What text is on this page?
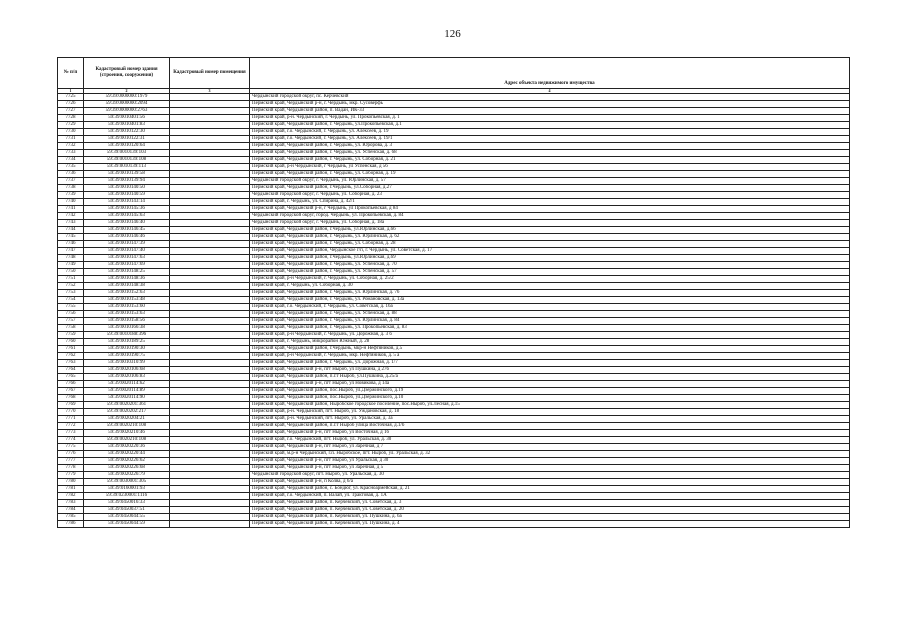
126
№ п/п	Кадастровый номер здания (строения, сооружения)	Кадастровый номер помещения	Адрес объекта недвижимого имущества
1	2	3	4
7725	59:39:0000000:1979		Чердынский городской округ, пс. Керчевский
7726	59:39:0000000:2094		Пермский край, Чердынский р-н, г. Чердынь, мкр. Сусоверфь
7727	59:39:0000000:2763		Пермский край, Чердынский район, п. Вадан, ИК-33
7728	59:39:0010401:56		Пермский край, р-н. Чердынский, г. Чердынь, ул. Прокопьевская, д. 1
7729	59:39:0010401:83		Пермский край, Чердынский район, г. Чердынь, ул.Прокопьевская, д.1
7730	59:39:0010122:30		Пермский край, г.о. Чердынский, г. Чердынь, ул. Алексеев, д. 19
7731	59:39:0010122:31		Пермский край, г.о. Чердынский, г. Чердынь, ул. Алексеев, д. 19/1
7732	59:39:0010120:64		Пермский край, Чердынский район, г. Чердынь, ул. Юророва, д. 3
7733	59:39:0010139:103		Пермский край, Чердынский район, г. Чердынь, ул. Успенская, д. 68
7734	59:39:0010139:108		Пермский край, Чердынский район, г. Чердынь, ул. Соборная, д. 21
7735	59:39:0010139:113		Пермский край, р-н Чердынский, г Чердынь, ул Успенская, д 56
7736	59:39:0010139:58		Пермский край, Чердынский район, г. Чердынь, ул. Соборная, д. 19
7737	59:39:0010139:94		Чердынский городской округ, г. Чердынь, ул. Юрлинская, д. 57
7738	59:39:0010140:50		Пермский край, Чердынский район, г.Чердынь, ул.Соборная, д.27
7739	59:39:0010140:59		Чердынский городской округ, г. Чердынь, ул. Соборная, д. 23
7740	59:39:0010143:14		Пермский край, г. Чердынь, ул. Спирина, д. 42/1
7741	59:39:0010145:36		Пермский край, Чердынский р-н, г Чердынь, ул Прокопьевская, д 84
7742	59:39:0010145:63		Чердынский городской округ, город. Чердынь, ул. Прокопьевская, д. 84
7743	59:39:0010146:40		Чердынский городской округ, г. Чердынь, ул. Соборная, д. 18а
7744	59:39:0010146:45		Пермский край, Чердынский район, г.Чердынь, ул.Юрлинская, д.66
7745	59:39:0010146:46		Пермский край, Чердынский район, г. Чердынь, ул. Юрлинская, д. 62
7746	59:39:0010147:39		Пермский край, Чердынский район, г. Чердынь, ул. Соборная, д. 28
7747	59:39:0010147:40		Пермский край, Чердынский район, Чердынское г/п, г. Чердынь, ул. Советская, д. 17
7748	59:39:0010147:63		Пермский край, Чердынский район, г.Чердынь, ул.Юрлинская, д.69
7749	59:39:0010147:69		Пермский край, Чердынский район, г. Чердынь, ул. Успенская, д. 70
7750	59:39:0010148:25		Пермский край, Чердынский район, г. Чердынь, ул. Успенская, д. 57
7751	59:39:0010148:36		Пермский край, р-н Чердынский, г. Чердынь, ул. Соборная, д. 25/2
7752	59:39:0010148:38		Пермский край, г. Чердынь, ул. Соборная, д. 30
7753	59:39:0010152:63		Пермский край, Чердынский район, г. Чердынь, ул. Юрлинская, д. 76
7754	59:39:0010153:48		Пермский край, Чердынский район, г. Чердынь, ул. Романовская, д. 13а
7755	59:39:0010153:60		Пермский край, г.о. Чердынский, г. Чердынь, ул. Советская, д. 16а
7756	59:39:0010153:63		Пермский край, Чердынский район, г. Чердынь, ул. Успенская, д. 88
7757	59:39:0010158:56		Пермский край, Чердынский район, г. Чердынь, ул. Юрлинская, д. 84
7758	59:39:0010166:38		Пермский край, Чердынский район, г. Чердынь, ул. Прокопьевская, д. 83
7759	59:39:0010188:396		Пермский край, р-н Чердынский, г. Чердынь, ул. Дорожная, д. 3 б
7760	59:39:0010189:25		Пермский край, г. Чердынь, микрорайон Южный, д. 28
7761	59:39:0010190:30		Пермский край, Чердынский район, г.Чердынь, мкр-н Нефтяников, д.5
7762	59:39:0010190:75		Пермский край, р-н Чердынский, г. Чердынь, мкр. Нефтяников, д. 5 а
7763	59:39:0010310:99		Пермский край, Чердынский район, г. Чердынь, ул. Дорожная, д. 1/7
7764	59:39:0020106:68		Пермский край, Чердынский р-н, пгт Ныроб, ул Пушкина, д 27б
7765	59:39:0020106:83		Пермский край, Чердынский район, п.г.т Ныроб, ул.Пушкина, д.25/а
7766	59:39:0020114:62		Пермский край, Чердынский р-н, пгт Ныроб, ул Новикова, д 14а
7767	59:39:0020114:89		Пермский край, Чердынский район, пос.Ныроб, ул.Дзержинского, д.19
7768	59:39:0020114:90		Пермский край, Чердынский район, пос.Ныроб, ул.Дзержинского, д.10
7769	59:39:0020201:361		Пермский край, Чердынский район, Ныробское городское поселение, пос.Ныроб, ул.Лесная, д.15
7770	59:39:0020202:217		Пермский край, р-н. Чердынский, пгт. Ныроб, ул. Уждановская, д. 18
7771	59:39:0020204:21		Пермский край, р-н. Чердынский, пгт. Ныроб, ул. Уральская, д. 3а
7772	59:39:0020210:108		Пермский край, Чердынский район, п.г.т Ныроб улица Восточная, д.1/б
7773	59:39:0020210:46		Пермский край, Чердынский р-н, пгт Ныроб, ул Восточная, д 16
7774	59:39:0020210:108		Пермский край, г.о. Чердынский, пгт. Ныроб, ул. Уральская, д. 30
7775	59:39:0020220:36		Пермский край, Чердынский р-н, пгт Ныроб, ул Заречная, д 7
7776	59:39:0020220:44		Пермский край, м.р-н Чердынский, г.п. Ныробское, пгт. Ныроб, ул. Уральская, д. 32
7777	59:39:0020226:62		Пермский край, Чердынский р-н, пгт Ныроб, ул Уральская, д 30
7778	59:39:0020226:68		Пермский край, Чердынский р-н, пгт Ныроб, ул Заречная, д 5
7779	59:39:0020226:79		Чердынский городской округ, пгт. Ныроб, ул. Уральская, д. 30
7780	59:39:0030001:305		Пермский край, Чердынский р-н, п Колва, д 6/а
7781	59:39:0160001:93		Пермский край, Чердынский район, с. Бондюг, ул. Красноармейская, д. 21
7782	59:39:0230001:1116		Пермский край, г.о. Чердынский, п. Валай, ул. Трактовая, д. 1А
7783	59:39:0450016:33		Пермский край, Чердынский район, п. Керчевский, ул. Советская, д. 3
7784	59:39:0450037:51		Пермский край, Чердынский район, п. Керчевский, ул. Советская, д. 20
7785	59:39:0450044:55		Пермский край, Чердынский район, п. Керчевский, ул. Пушкина, д. 6а
7786	59:39:0450044:59		Пермский край, Чердынский район, п. Керчевский, ул. Пушкина, д. 4
